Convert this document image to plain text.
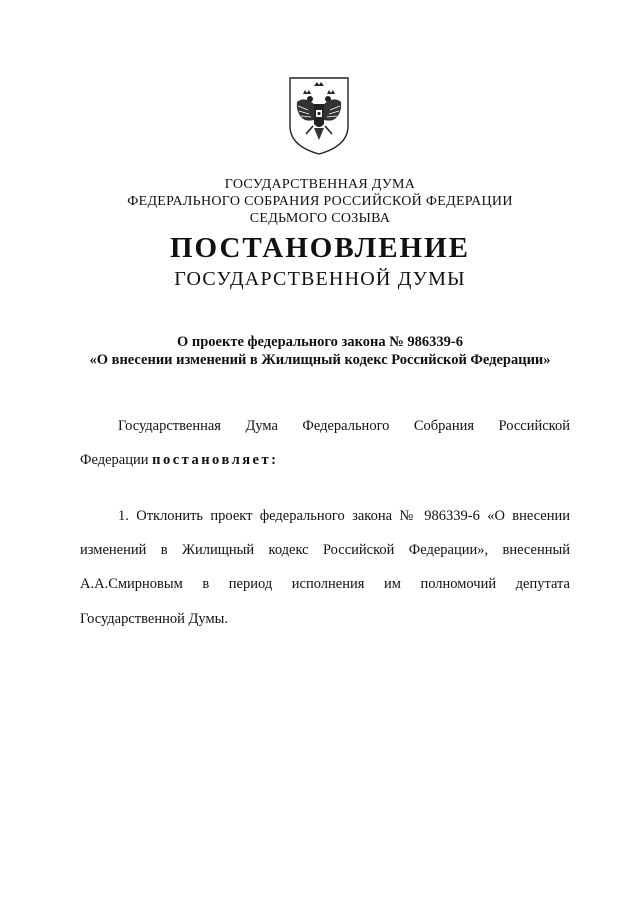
ГОСУДАРСТВЕННАЯ ДУМА
ФЕДЕРАЛЬНОГО СОБРАНИЯ РОССИЙСКОЙ ФЕДЕРАЦИИ
СЕДЬМОГО СОЗЫВА
ПОСТАНОВЛЕНИЕ
ГОСУДАРСТВЕННОЙ ДУМЫ
О проекте федерального закона № 986339-6
«О внесении изменений в Жилищный кодекс Российской Федерации»
Государственная Дума Федерального Собрания Российской
Федерации постановляет:
1. Отклонить проект федерального закона № 986339-6 «О внесении
изменений в Жилищный кодекс Российской Федерации», внесенный
А.А.Смирновым в период исполнения им полномочий депутата
Государственной Думы.
